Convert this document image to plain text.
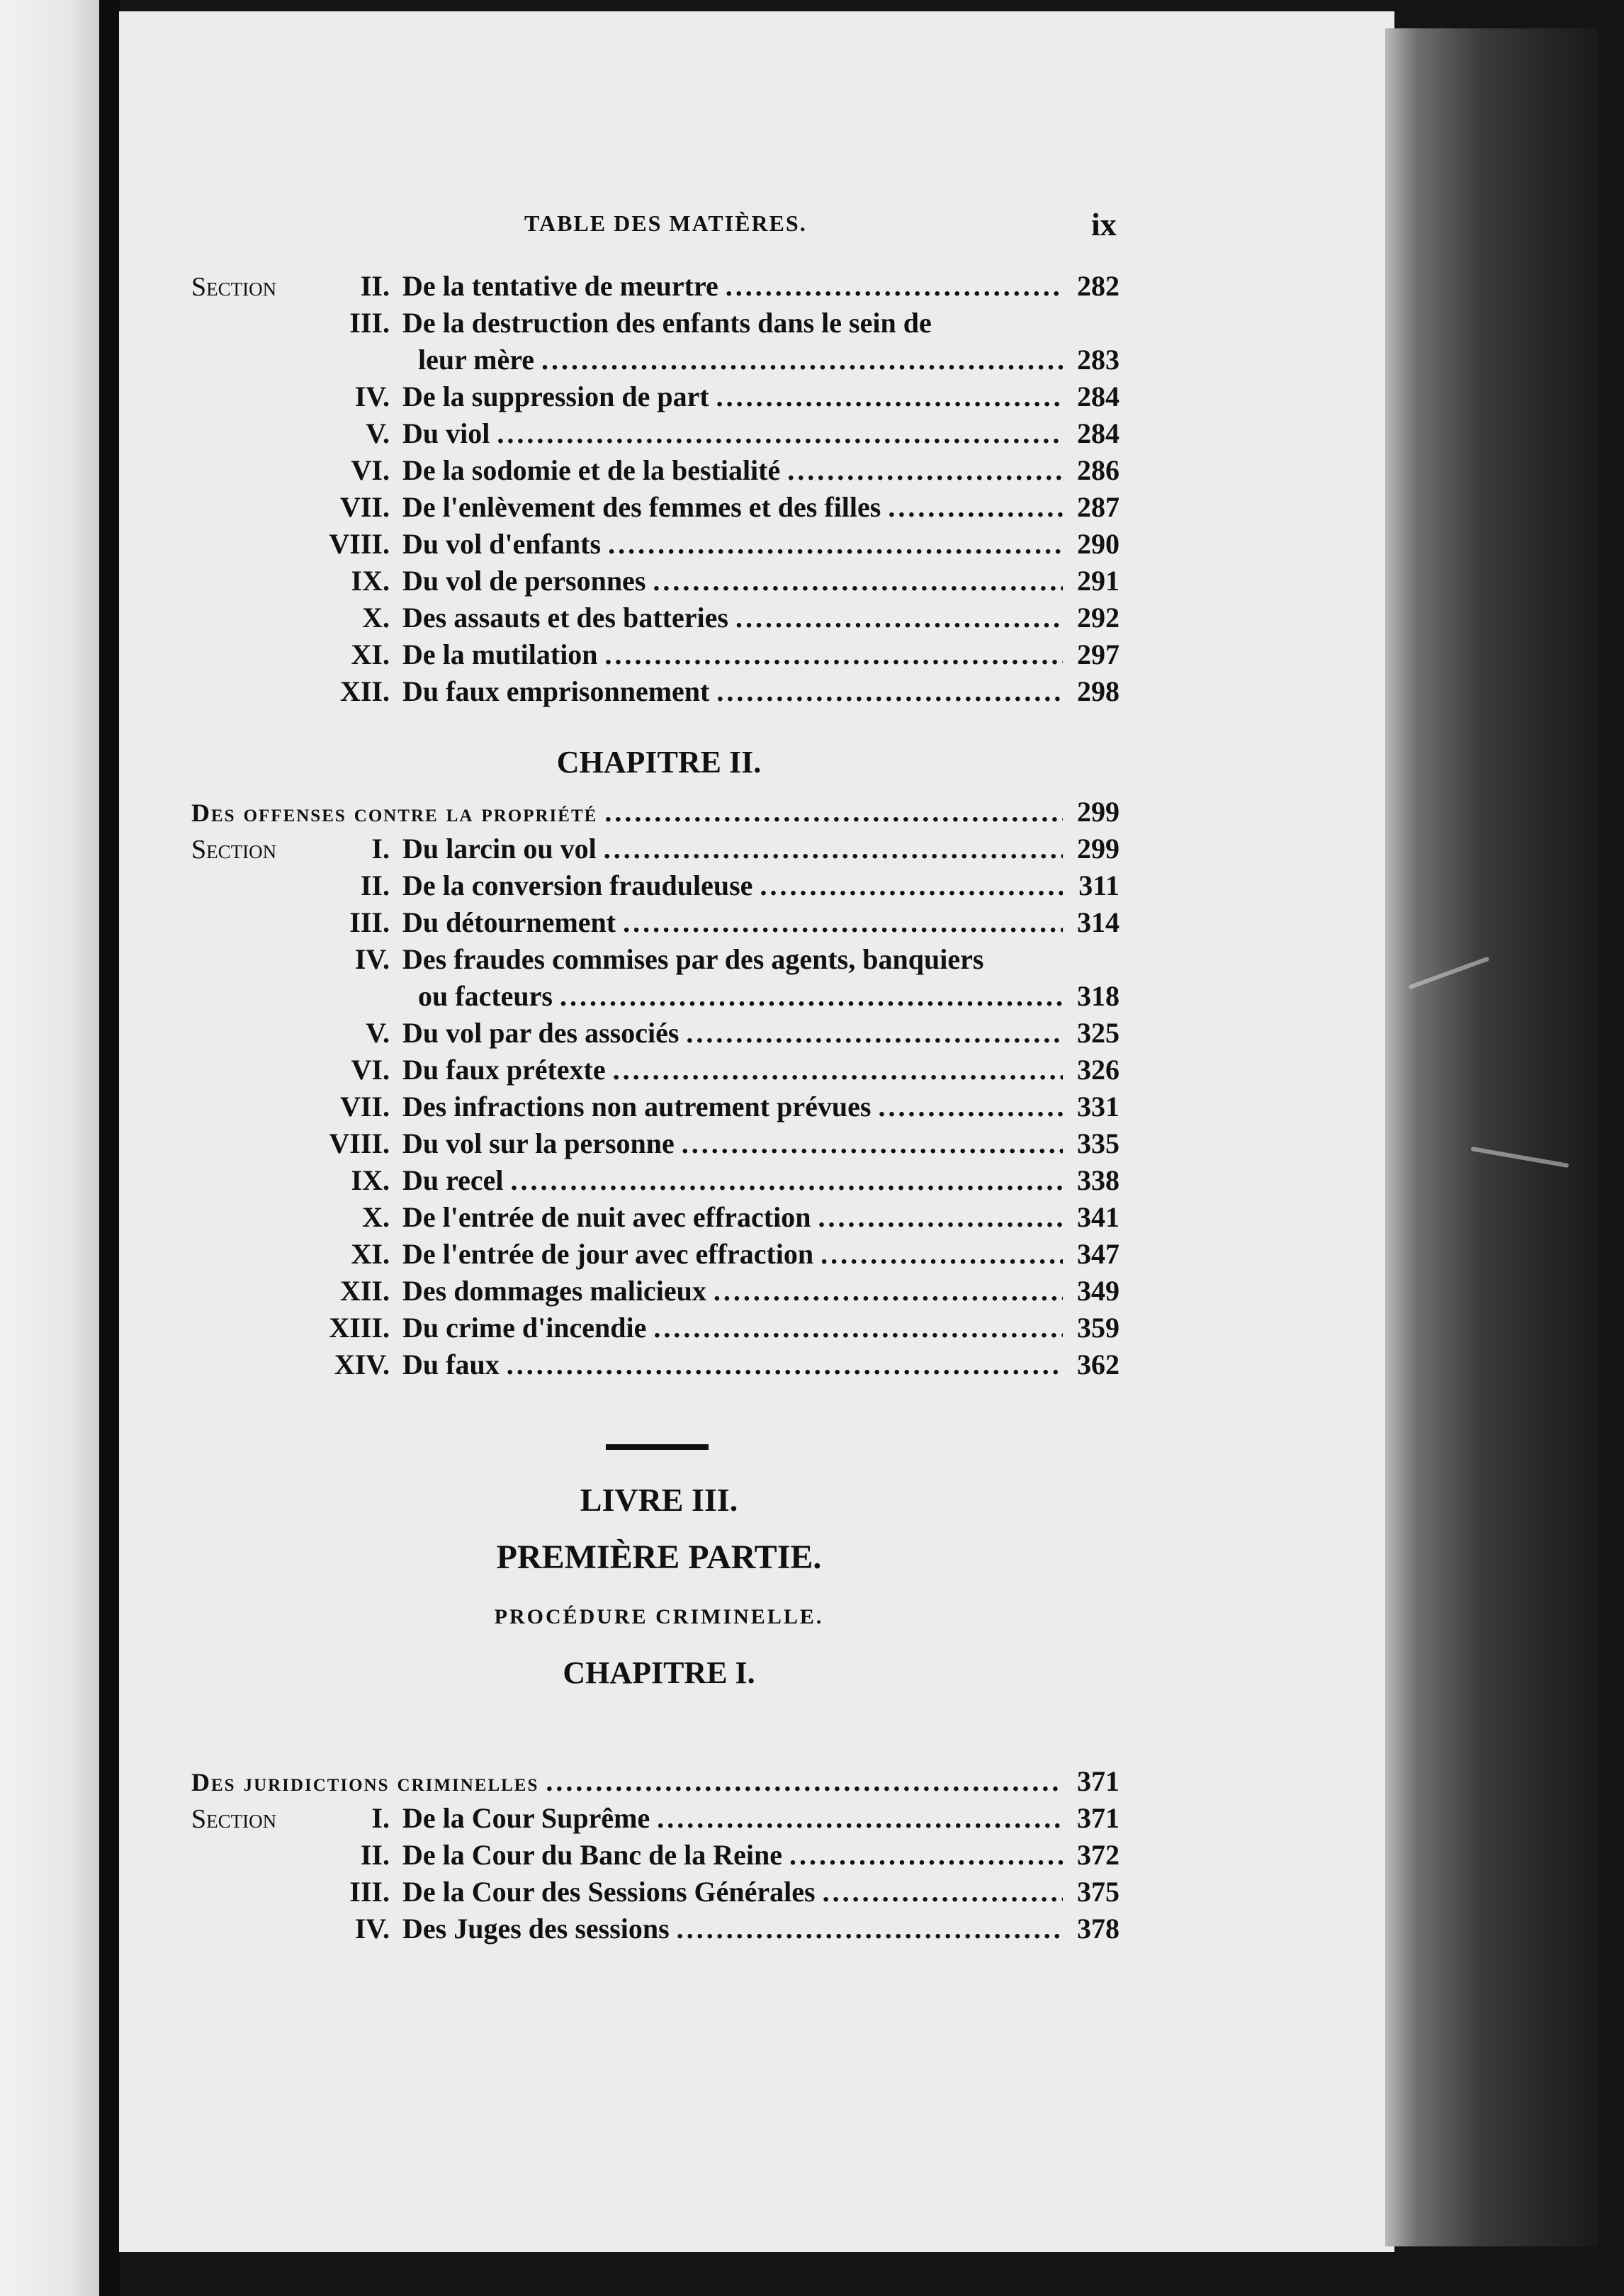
TABLE DES MATIÈRES.	ix
Section	II. De la tentative de meurtre .....	282
III. De la destruction des enfants dans le sein de
leur mère .....	283
IV. De la suppression de part .....	284
V. Du viol .....	284
VI. De la sodomie et de la bestialité .....	286
VII. De l'enlèvement des femmes et des filles .....	287
VIII. Du vol d'enfants .....	290
IX. Du vol de personnes .....	291
X. Des assauts et des batteries .....	292
XI. De la mutilation .....	297
XII. Du faux emprisonnement .....	298
CHAPITRE II.
Des offenses contre la propriété .....	299
Section	I. Du larcin ou vol .....	299
II. De la conversion frauduleuse .....	311
III. Du détournement .....	314
IV. Des fraudes commises par des agents, banquiers
ou facteurs .....	318
V. Du vol par des associés .....	325
VI. Du faux prétexte .....	326
VII. Des infractions non autrement prévues .....	331
VIII. Du vol sur la personne .....	335
IX. Du recel .....	338
X. De l'entrée de nuit avec effraction .....	341
XI. De l'entrée de jour avec effraction .....	347
XII. Des dommages malicieux .....	349
XIII. Du crime d'incendie .....	359
XIV. Du faux .....	362
LIVRE III.
PREMIÈRE PARTIE.
PROCÉDURE CRIMINELLE.
CHAPITRE I.
Des juridictions criminelles .....	371
Section	I. De la Cour Suprême .....	371
II. De la Cour du Banc de la Reine .....	372
III. De la Cour des Sessions Générales .....	375
IV. Des Juges des sessions .....	378
